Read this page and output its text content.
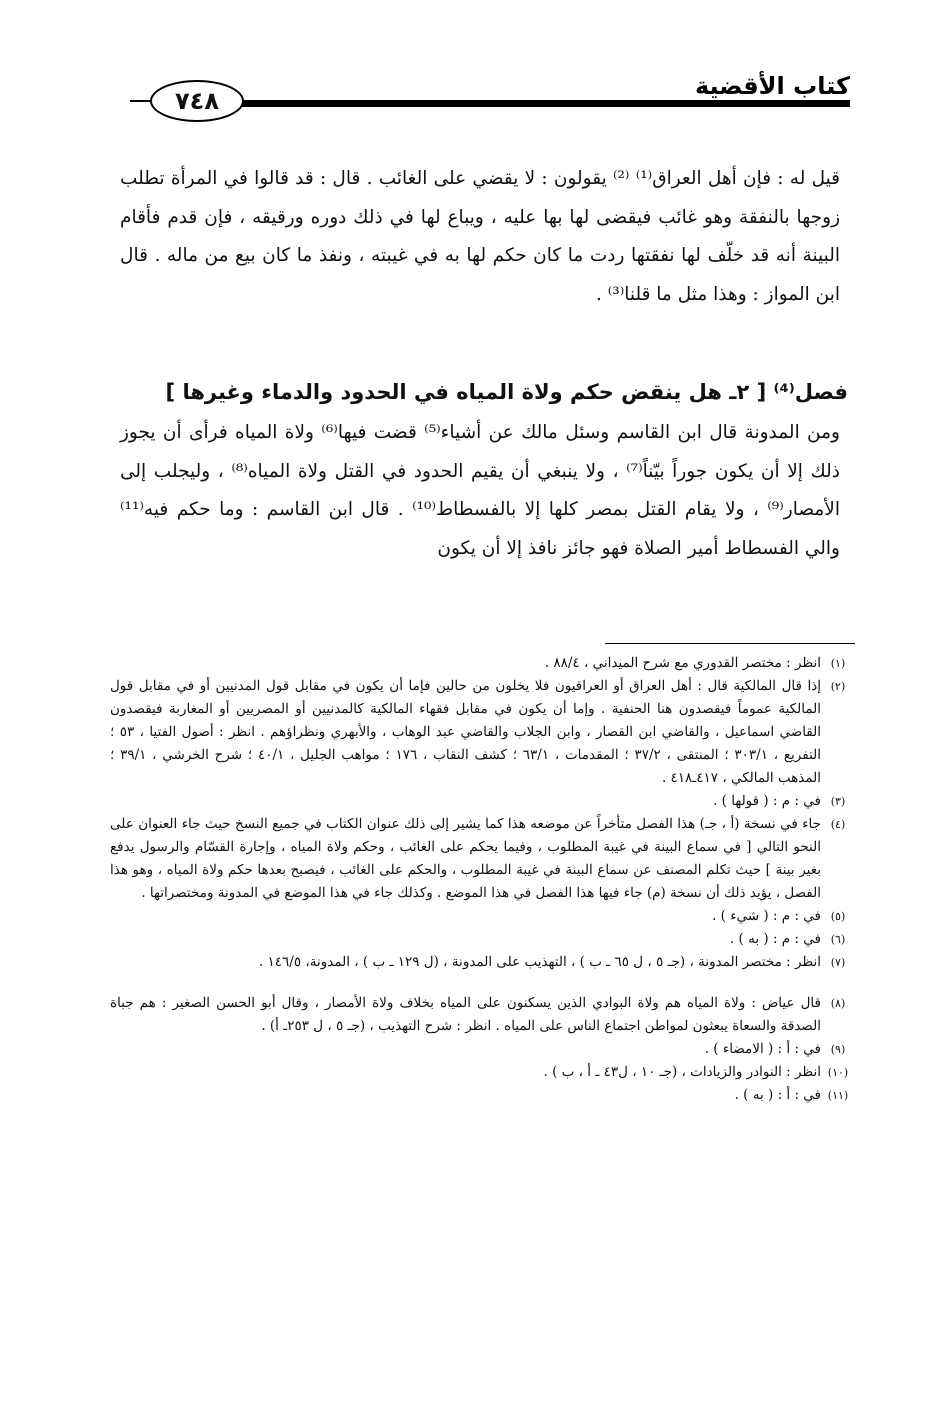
كتاب الأقضية
٧٤٨

قيل له : فإن أهل العراق⁽¹⁾ ⁽²⁾ يقولون : لا يقضي على الغائب . قال : قد قالوا في المرأة تطلب زوجها بالنفقة وهو غائب فيقضى لها بها عليه ، ويباع لها في ذلك دوره ورقيقه ، فإن قدم فأقام البينة أنه قد خلّف لها نفقتها ردت ما كان حكم لها به في غيبته ، ونفذ ما كان بيع من ماله . قال ابن المواز : وهذا مثل ما قلنا⁽³⁾ .

فصل⁽⁴⁾ [ ٢ـ هل ينقض حكم ولاة المياه في الحدود والدماء وغيرها ]

ومن المدونة قال ابن القاسم وسئل مالك عن أشياء⁽⁵⁾ قضت فيها⁽⁶⁾ ولاة المياه فرأى أن يجوز ذلك إلا أن يكون جوراً بيّناً⁽⁷⁾ ، ولا ينبغي أن يقيم الحدود في القتل ولاة المياه⁽⁸⁾ ، وليجلب إلى الأمصار⁽⁹⁾ ، ولا يقام القتل بمصر كلها إلا بالفسطاط⁽¹⁰⁾ . قال ابن القاسم : وما حكم فيه⁽¹¹⁾ والي الفسطاط أمير الصلاة فهو جائز نافذ إلا أن يكون

(١)
انظر : مختصر القدوري مع شرح الميداني ، ٨٨/٤ .
(٢)
إذا قال المالكية قال : أهل العراق أو العراقيون فلا يخلون من حالين فإما أن يكون في مقابل قول المدنيين أو في مقابل قول المالكية عموماً فيقصدون هنا الحنفية . وإما أن يكون في مقابل فقهاء المالكية كالمدنيين أو المصريين أو المغاربة فيقصدون القاضي اسماعيل ، والقاضي ابن القصار ، وابن الجلاب والقاضي عبد الوهاب ، والأبهري ونظراؤهم . انظر : أصول الفتيا ، ٥٣ ؛ التفريع ، ٣٠٣/١ ؛ المنتقى ، ٣٧/٢ ؛ المقدمات ، ٦٣/١ ؛ كشف النقاب ، ١٧٦ ؛ مواهب الجليل ، ٤٠/١ ؛ شرح الخرشي ، ٣٩/١ ؛ المذهب المالكي ، ٤١٧ـ٤١٨ .
(٣)
في : م : ( قولها ) .
(٤)
جاء في نسخة (أ ، جـ) هذا الفصل متأخراً عن موضعه هذا كما يشير إلى ذلك عنوان الكتاب في جميع النسخ حيث جاء العنوان على النحو التالي [ في سماع البينة في غيبة المطلوب ، وفيما يحكم على الغائب ، وحكم ولاة المياه ، وإجارة القسّام والرسول يدفع بغير بينة ] حيث تكلم المصنف عن سماع البينة في غيبة المطلوب ، والحكم على الغائب ، فيصبح بعدها حكم ولاة المياه ، وهو هذا الفصل ، يؤيد ذلك أن نسخة (م) جاء فيها هذا الفصل في هذا الموضع . وكذلك جاء في هذا الموضع في المدونة ومختصراتها .
(٥)
في : م : ( شيء ) .
(٦)
في : م : ( به ) .
(٧)
انظر : مختصر المدونة ، (جـ ٥ ، ل ٦٥ ـ ب ) ، التهذيب على المدونة ، (ل ١٢٩ ـ ب ) ، المدونة، ١٤٦/٥ .
(٨)
قال عياض : ولاة المياه هم ولاة البوادي الذين يسكنون على المياه بخلاف ولاة الأمصار ، وقال أبو الحسن الصغير : هم جباة الصدقة والسعاة يبعثون لمواطن اجتماع الناس على المياه . انظر : شرح التهذيب ، (جـ ٥ ، ل ٢٥٣ـ أ) .
(٩)
في : أ : ( الامضاء ) .
(١٠)
انظر : النوادر والزيادات ، (جـ ١٠ ، ل٤٣ ـ أ ، ب ) .
(١١)
في : أ : ( به ) .
